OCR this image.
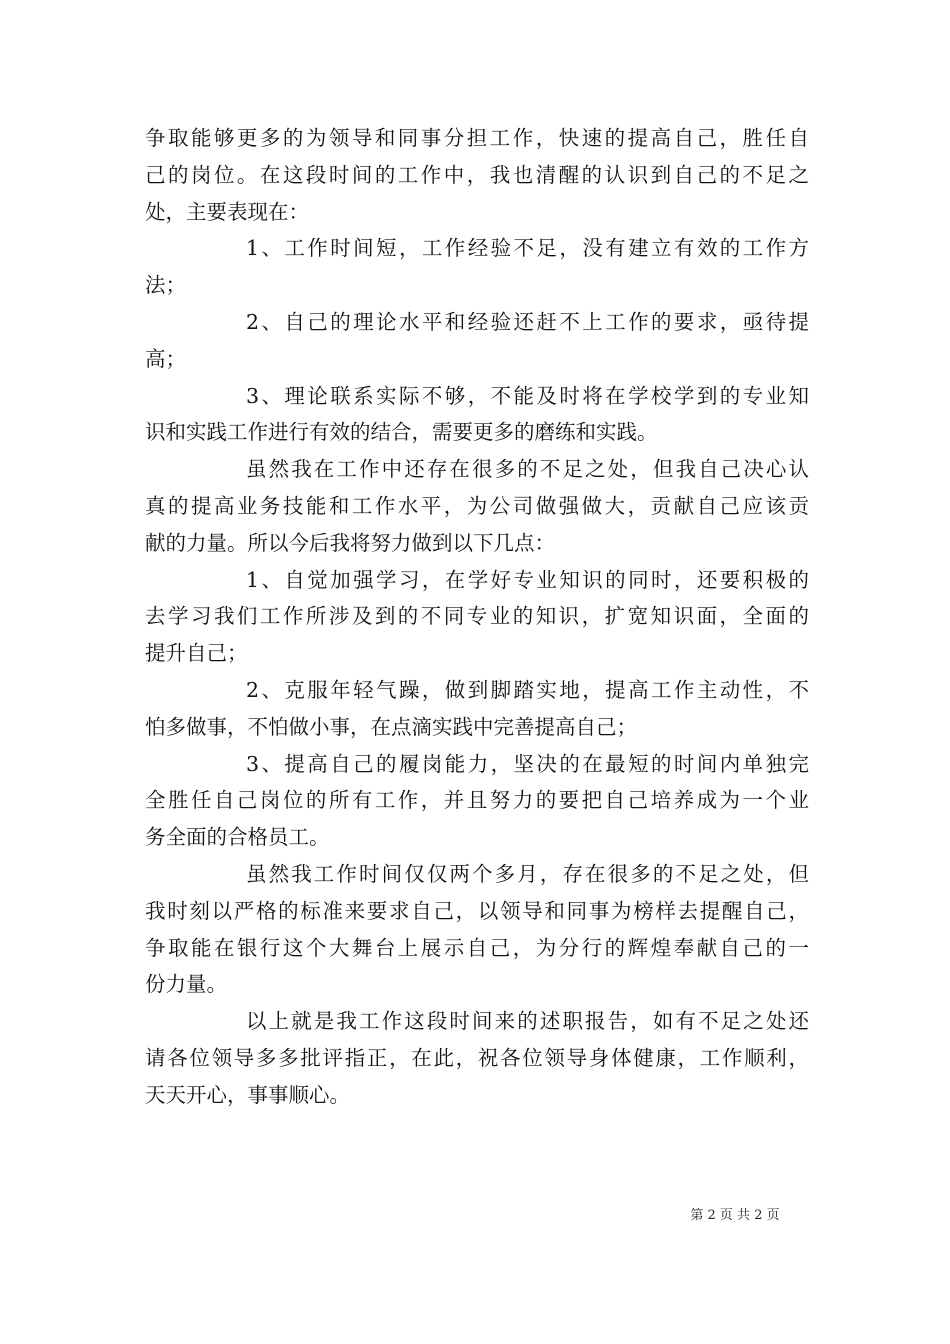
争取能够更多的为领导和同事分担工作，快速的提高自己，胜任自
己的岗位。在这段时间的工作中，我也清醒的认识到自己的不足之
处，主要表现在：
1、工作时间短，工作经验不足，没有建立有效的工作方
法；
2、自己的理论水平和经验还赶不上工作的要求，亟待提
高；
3、理论联系实际不够，不能及时将在学校学到的专业知
识和实践工作进行有效的结合，需要更多的磨练和实践。
虽然我在工作中还存在很多的不足之处，但我自己决心认
真的提高业务技能和工作水平，为公司做强做大，贡献自己应该贡
献的力量。所以今后我将努力做到以下几点：
1、自觉加强学习，在学好专业知识的同时，还要积极的
去学习我们工作所涉及到的不同专业的知识，扩宽知识面，全面的
提升自己；
2、克服年轻气躁，做到脚踏实地，提高工作主动性，不
怕多做事，不怕做小事，在点滴实践中完善提高自己；
3、提高自己的履岗能力，坚决的在最短的时间内单独完
全胜任自己岗位的所有工作，并且努力的要把自己培养成为一个业
务全面的合格员工。
虽然我工作时间仅仅两个多月，存在很多的不足之处，但
我时刻以严格的标准来要求自己，以领导和同事为榜样去提醒自己，
争取能在银行这个大舞台上展示自己，为分行的辉煌奉献自己的一
份力量。
以上就是我工作这段时间来的述职报告，如有不足之处还
请各位领导多多批评指正，在此，祝各位领导身体健康，工作顺利，
天天开心，事事顺心。
第 2 页 共 2 页
